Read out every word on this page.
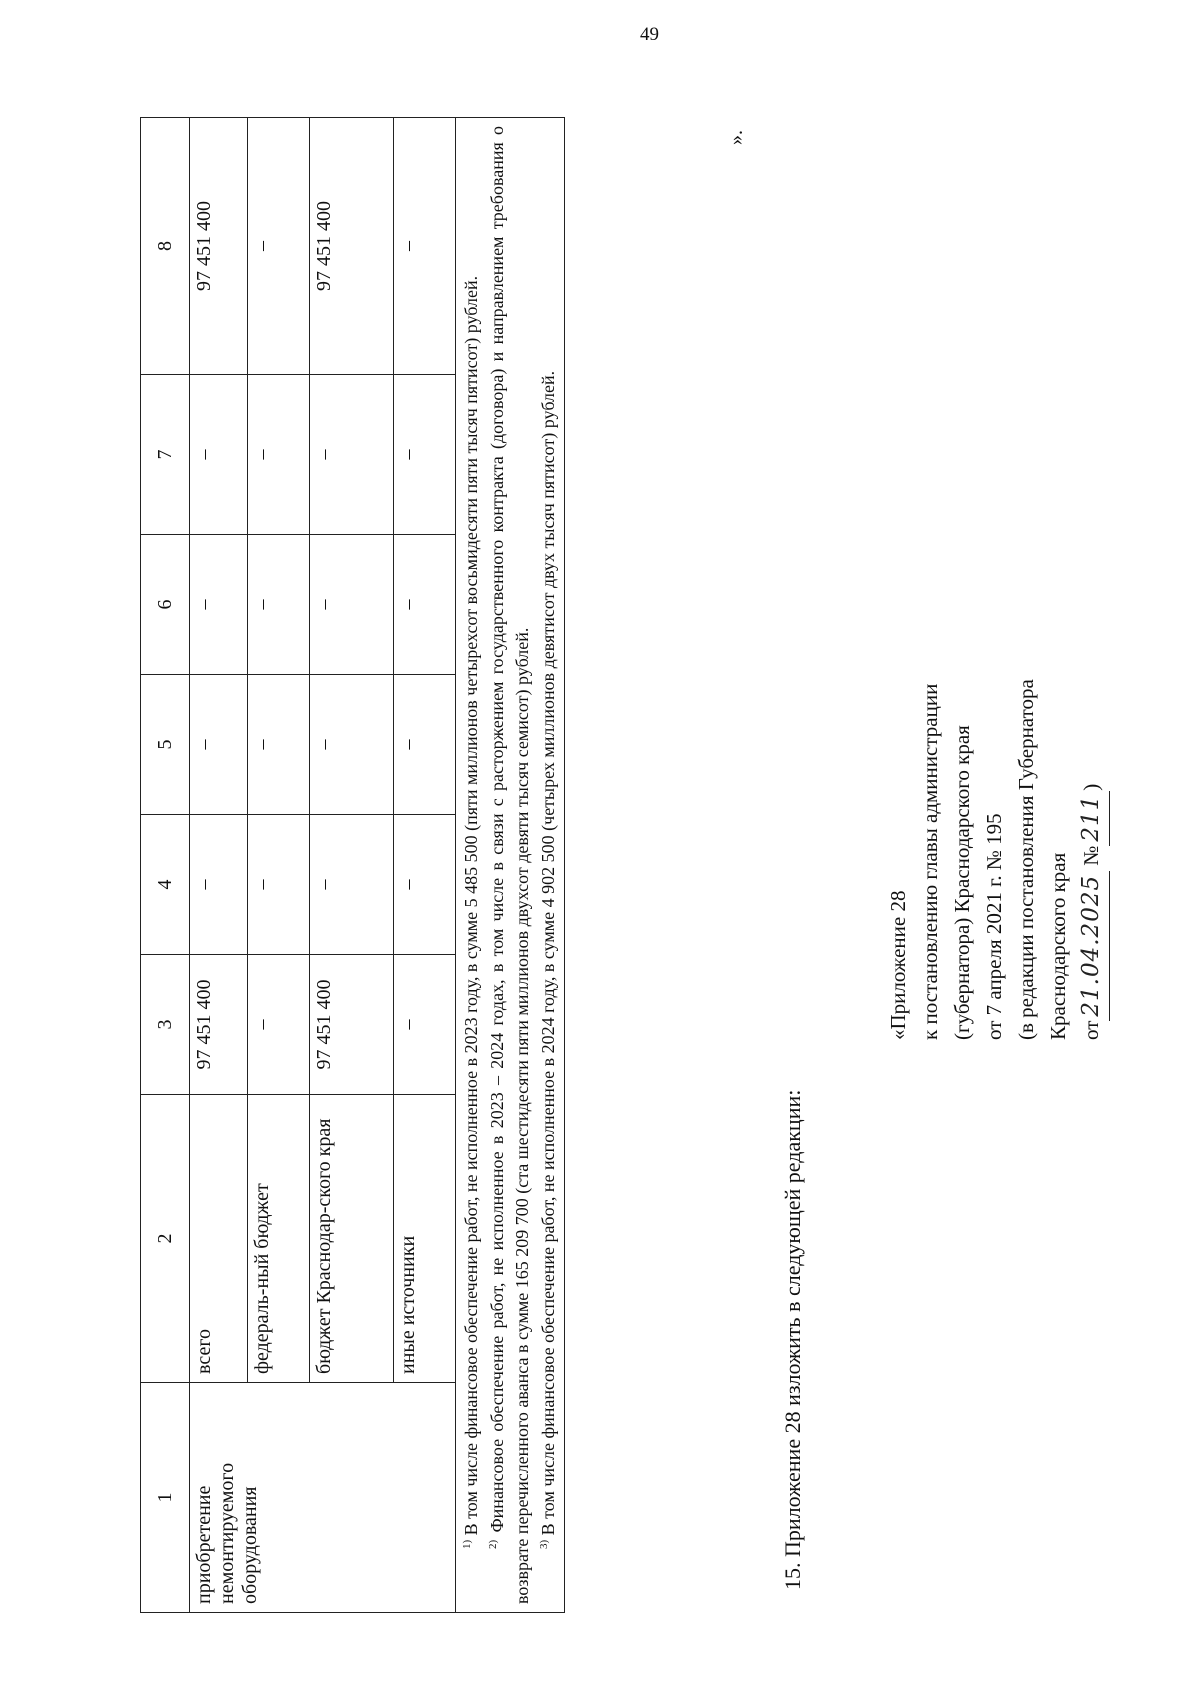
49
1	2	3	4	5	6	7	8
приобретение немонтируемого оборудования	всего	97 451 400	–	–	–	–	97 451 400
	федераль-ный бюджет	–	–	–	–	–	–
	бюджет Краснодар-ского края	97 451 400	–	–	–	–	97 451 400
	иные источники	–	–	–	–	–	–

$^{1)}$ В том числе финансовое обеспечение работ, не исполненное в 2023 году, в сумме 5 485 500 (пяти миллионов четырехсот восьмидесяти пяти тысяч пятисот) рублей.

$^{2)}$ Финансовое обеспечение работ, не исполненное в 2023 – 2024 годах, в том числе в связи с расторжением государственного контракта (договора) и направлением требования о возврате перечисленного аванса в сумме 165 209 700 (ста шестидесяти пяти миллионов двухсот девяти тысяч семисот) рублей. $^{3)}$ В том числе финансовое обеспечение работ, не исполненное в 2024 году, в сумме 4 902 500 (четырех миллионов девятисот двух тысяч пятисот) рублей.							

».
15. Приложение 28 изложить в следующей редакции:
«Приложение 28 к постановлению главы администрации (губернатора) Краснодарского края от 7 апреля 2021 г. № 195 (в редакции постановления Губернатора Краснодарского края от21.04.2025 №211)
